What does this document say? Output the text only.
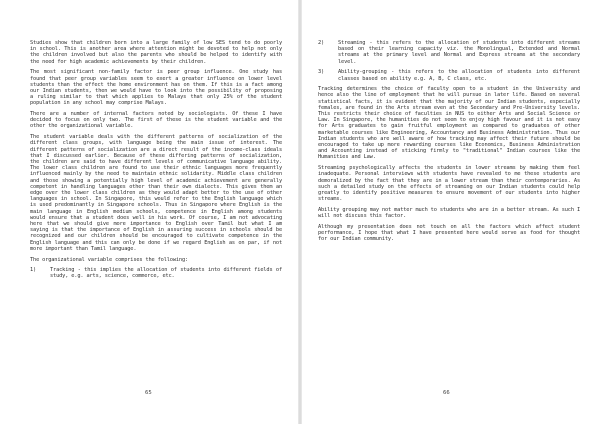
Studies show that children born into a large family of low SES tend to do poorly in school. This is another area where attention might be devoted to help not only the children involved but also the parents who should be helped to identify with the need for high academic achievements by their children.

The most significant non-family factor is peer group influence. One study has found that peer group variables seem to exert a greater influence on lower level students than the effect the home environment has on them. If this is a fact among our Indian students, then we would have to look into the possibility of proposing a ruling similar to that which applies to Malays that only 25% of the student population in any school may comprise Malays.

There are a number of internal factors noted by sociologists. Of these I have decided to focus on only two. The first of these is the student variable and the other the organizational variable.

The student variable deals with the different patterns of socialization of the different class groups, with language being the main issue of interest. The different patterns of socialization are a direct result of the income-class ideals that I discussed earlier. Because of these differing patterns of socialization, the children are said to have different levels of communicative language ability. The lower class children are found to use their ethnic languages more frequently influenced mainly by the need to maintain ethnic solidarity. Middle class children and those showing a potentially high level of academic achievement are generally competent in handling languages other than their own dialects. This gives them an edge over the lower class children as they would adapt better to the use of other languages in school. In Singapore, this would refer to the English language which is used predominantly in Singapore schools. Thus in Singapore where English is the main language in English medium schools, competence in English among students would ensure that a student does well in his work. Of course, I am not advocating here that we should give more importance to English over Tamil but what I am saying is that the importance of English in assuring success in schools should be recognized and our children should be encouraged to cultivate competence in the English language and this can only be done if we regard English as on par, if not more important than Tamil language.

The organizational variable comprises the following:

1)	Tracking - this implies the allocation of students into different fields of study, e.g. arts, science, commerce, etc.
65
2)	Streaming - this refers to the allocation of students into different streams based on their learning capacity viz. the Monolingual, Extended and Normal streams at the primary level and Normal and Express streams at the secondary level.
3)	Ability-grouping - this refers to the allocation of students into different classes based on ability e.g. A, B, C class, etc.

Tracking determines the choice of faculty open to a student in the University and hence also the line of employment that he will pursue in later life. Based on several statistical facts, it is evident that the majority of our Indian students, especially females, are found in the Arts stream even at the Secondary and Pre-University levels. This restricts their choice of faculties in NUS to either Arts and Social Science or Law. In Singapore, the humanities do not seem to enjoy high favour and it is not easy for Arts graduates to gain fruitful employment as compared to graduates of other marketable courses like Engineering, Accountancy and Business Administration. Thus our Indian students who are well aware of how tracking may affect their future should be encouraged to take up more rewarding courses like Economics, Business Administration and Accounting instead of sticking firmly to "traditional" Indian courses like the Humanities and Law.

Streaming psychologically affects the students in lower streams by making them feel inadequate. Personal interviews with students have revealed to me these students are demoralized by the fact that they are in a lower stream than their contemporaries. As such a detailed study on the effects of streaming on our Indian students could help greatly to identify positive measures to ensure movement of our students into higher streams.

Ability grouping may not matter much to students who are in a better stream. As such I will not discuss this factor.

Although my presentation does not touch on all the factors which affect student performance, I hope that what I have presented here would serve as food for thought for our Indian community.

66
